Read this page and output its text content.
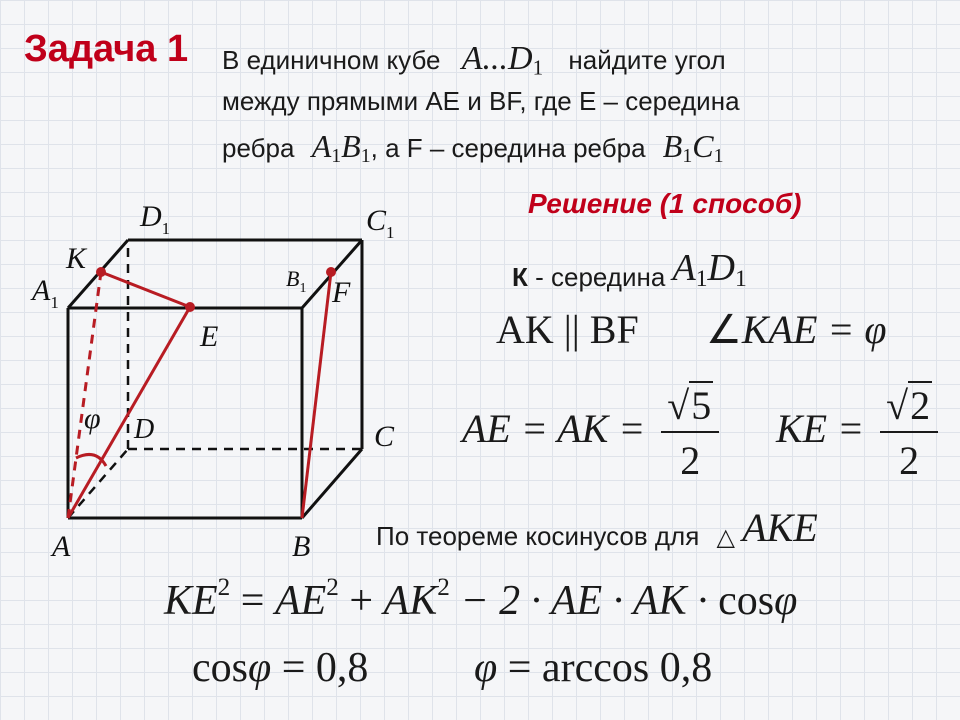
Задача 1 В единичном кубе $A...D_1$ найдите угол
между прямыми AE и BF, где E – середина
ребра $A_1B_1$, а F – середина ребра $B_1C_1$
Решение (1 способ)
К - середина $A_1D_1$
AK || BF ∠KAE = φ
AE = AK = $\frac{√5}{2}$ KE = $\frac{√2}{2}$
По теореме косинусов для △ AKE
$KE^2 = AE^2 + AK^2 - 2$ · AE · AK · cosφ
cosφ = 0,8	φ = arccos 0,8
A	B
C
D
$A_1$
$B_1$
$C_1$
$D_1$
K
E
F
φ
